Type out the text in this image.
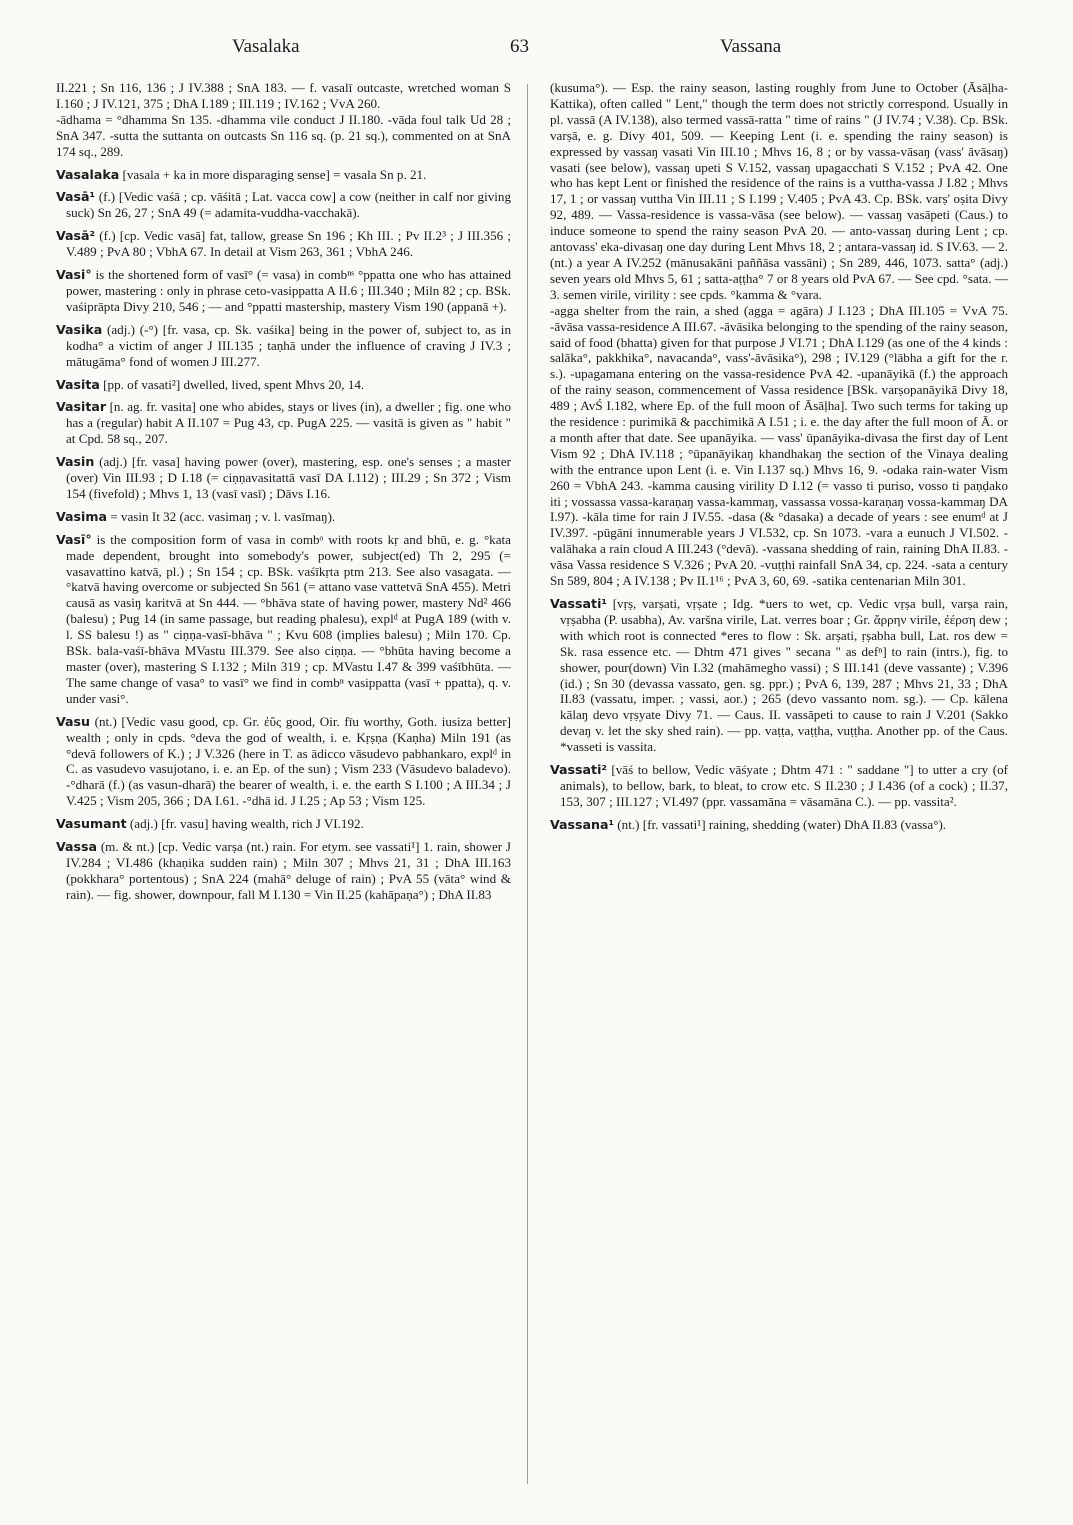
Vasalaka	63	Vassana

II.221 ; Sn 116, 136 ; J IV.388 ; SnA 183. — f. vasalī outcaste, wretched woman S I.160 ; J IV.121, 375 ; DhA I.189 ; III.119 ; IV.162 ; VvA 260.
-ādhama = °dhamma Sn 135. -dhamma vile conduct J II.180. -vāda foul talk Ud 28 ; SnA 347. -sutta the suttanta on outcasts Sn 116 sq. (p. 21 sq.), commented on at SnA 174 sq., 289.

Vasalaka [vasala + ka in more disparaging sense] = vasala Sn p. 21.

Vasā¹ (f.) [Vedic vaśā ; cp. vāśitā ; Lat. vacca cow] a cow (neither in calf nor giving suck) Sn 26, 27 ; SnA 49 (= adamita-vuddha-vacchakā).

Vasā² (f.) [cp. Vedic vasā] fat, tallow, grease Sn 196 ; Kh III. ; Pv II.2³ ; J III.356 ; V.489 ; PvA 80 ; VbhA 67. In detail at Vism 263, 361 ; VbhA 246.

Vasi° is the shortened form of vasī° (= vasa) in combⁿˢ °ppatta one who has attained power, mastering : only in phrase ceto-vasippatta A II.6 ; III.340 ; Miln 82 ; cp. BSk. vaśiprāpta Divy 210, 546 ; — and °ppatti mastership, mastery Vism 190 (appanā +).

Vasika (adj.) (-°) [fr. vasa, cp. Sk. vaśika] being in the power of, subject to, as in kodha° a victim of anger J III.135 ; taṇhā under the influence of craving J IV.3 ; mātugāma° fond of women J III.277.

Vasita [pp. of vasati²] dwelled, lived, spent Mhvs 20, 14.

Vasitar [n. ag. fr. vasita] one who abides, stays or lives (in), a dweller ; fig. one who has a (regular) habit A II.107 = Pug 43, cp. PugA 225. — vasitā is given as " habit " at Cpd. 58 sq., 207.

Vasin (adj.) [fr. vasa] having power (over), mastering, esp. one's senses ; a master (over) Vin III.93 ; D I.18 (= ciṇṇavasitattā vasī DA I.112) ; III.29 ; Sn 372 ; Vism 154 (fivefold) ; Mhvs 1, 13 (vasī vasī) ; Dāvs I.16.

Vasima = vasin It 32 (acc. vasimaŋ ; v. l. vasīmaŋ).

Vasī° is the composition form of vasa in combᵒ with roots kṛ and bhū, e. g. °kata made dependent, brought into somebody's power, subject(ed) Th 2, 295 (= vasavattino katvā, pl.) ; Sn 154 ; cp. BSk. vaśīkṛta ptm 213. See also vasagata. — °katvā having overcome or subjected Sn 561 (= attano vase vattetvā SnA 455). Metri causā as vasiŋ karitvā at Sn 444. — °bhāva state of having power, mastery Nd² 466 (balesu) ; Pug 14 (in same passage, but reading phalesu), explᵈ at PugA 189 (with v. l. SS balesu !) as " ciṇṇa-vasī-bhāva " ; Kvu 608 (implies balesu) ; Miln 170. Cp. BSk. bala-vaśī-bhāva MVastu III.379. See also ciṇṇa. — °bhūta having become a master (over), mastering S I.132 ; Miln 319 ; cp. MVastu I.47 & 399 vaśībhūta. — The same change of vasa° to vasī° we find in combⁿ vasippatta (vasī + ppatta), q. v. under vasi°.

Vasu (nt.) [Vedic vasu good, cp. Gr. ἐΰς good, Oir. fīu worthy, Goth. iusiza better] wealth ; only in cpds. °deva the god of wealth, i. e. Kṛṣṇa (Kaṇha) Miln 191 (as °devā followers of K.) ; J V.326 (here in T. as ādicco vāsudevo pabhankaro, explᵈ in C. as vasudevo vasujotano, i. e. an Ep. of the sun) ; Vism 233 (Vāsudevo baladevo). -°dharā (f.) (as vasun-dharā) the bearer of wealth, i. e. the earth S I.100 ; A III.34 ; J V.425 ; Vism 205, 366 ; DA I.61. -°dhā id. J I.25 ; Ap 53 ; Vism 125.

Vasumant (adj.) [fr. vasu] having wealth, rich J VI.192.

Vassa (m. & nt.) [cp. Vedic varṣa (nt.) rain. For etym. see vassati¹] 1. rain, shower J IV.284 ; VI.486 (khaṇika sudden rain) ; Miln 307 ; Mhvs 21, 31 ; DhA III.163 (pokkhara° portentous) ; SnA 224 (mahā° deluge of rain) ; PvA 55 (vāta° wind & rain). — fig. shower, downpour, fall M I.130 = Vin II.25 (kahāpaṇa°) ; DhA II.83

(kusuma°). — Esp. the rainy season, lasting roughly from June to October (Āsāḷha-Kattika), often called " Lent," though the term does not strictly correspond. Usually in pl. vassā (A IV.138), also termed vassā-ratta " time of rains " (J IV.74 ; V.38). Cp. BSk. varṣā, e. g. Divy 401, 509. — Keeping Lent (i. e. spending the rainy season) is expressed by vassaŋ vasati Vin III.10 ; Mhvs 16, 8 ; or by vassa-vāsaŋ (vass' āvāsaŋ) vasati (see below), vassaŋ upeti S V.152, vassaŋ upagacchati S V.152 ; PvA 42. One who has kept Lent or finished the residence of the rains is a vuttha-vassa J I.82 ; Mhvs 17, 1 ; or vassaŋ vuttha Vin III.11 ; S I.199 ; V.405 ; PvA 43. Cp. BSk. varṣ' oṣita Divy 92, 489. — Vassa-residence is vassa-vāsa (see below). — vassaŋ vasāpeti (Caus.) to induce someone to spend the rainy season PvA 20. — anto-vassaŋ during Lent ; cp. antovass' eka-divasaŋ one day during Lent Mhvs 18, 2 ; antara-vassaŋ id. S IV.63. — 2. (nt.) a year A IV.252 (mānusakāni paññāsa vassāni) ; Sn 289, 446, 1073. satta° (adj.) seven years old Mhvs 5, 61 ; satta-aṭṭha° 7 or 8 years old PvA 67. — See cpd. °sata. — 3. semen virile, virility : see cpds. °kamma & °vara.
-agga shelter from the rain, a shed (agga = agāra) J I.123 ; DhA III.105 = VvA 75. -āvāsa vassa-residence A III.67. -āvāsika belonging to the spending of the rainy season, said of food (bhatta) given for that purpose J VI.71 ; DhA I.129 (as one of the 4 kinds : salāka°, pakkhika°, navacanda°, vass'-āvāsika°), 298 ; IV.129 (°lābha a gift for the r. s.). -upagamana entering on the vassa-residence PvA 42. -upanāyikā (f.) the approach of the rainy season, commencement of Vassa residence [BSk. varṣopanāyikā Divy 18, 489 ; AvŚ I.182, where Ep. of the full moon of Āsāḷha]. Two such terms for taking up the residence : purimikā & pacchimikā A I.51 ; i. e. the day after the full moon of Ā. or a month after that date. See upanāyika. — vass' ūpanāyika-divasa the first day of Lent Vism 92 ; DhA IV.118 ; °ūpanāyikaŋ khandhakaŋ the section of the Vinaya dealing with the entrance upon Lent (i. e. Vin I.137 sq.) Mhvs 16, 9. -odaka rain-water Vism 260 = VbhA 243. -kamma causing virility D I.12 (= vasso ti puriso, vosso ti paṇḍako iti ; vossassa vassa-karaṇaŋ vassa-kammaŋ, vassassa vossa-karaṇaŋ vossa-kammaŋ DA I.97). -kāla time for rain J IV.55. -dasa (& °dasaka) a decade of years : see enumᵈ at J IV.397. -pūgāni innumerable years J VI.532, cp. Sn 1073. -vara a eunuch J VI.502. -valāhaka a rain cloud A III.243 (°devā). -vassana shedding of rain, raining DhA II.83. -vāsa Vassa residence S V.326 ; PvA 20. -vuṭṭhi rainfall SnA 34, cp. 224. -sata a century Sn 589, 804 ; A IV.138 ; Pv II.1¹⁶ ; PvA 3, 60, 69. -satika centenarian Miln 301.

Vassati¹ [vṛṣ, varṣati, vṛṣate ; Idg. *uers to wet, cp. Vedic vṛṣa bull, varṣa rain, vṛṣabha (P. usabha), Av. varšna virile, Lat. verres boar ; Gr. ἄρρην virile, ἐέρση dew ; with which root is connected *eres to flow : Sk. arṣati, ṛṣabha bull, Lat. ros dew = Sk. rasa essence etc. — Dhtm 471 gives " secana " as defⁿ] to rain (intrs.), fig. to shower, pour(down) Vin I.32 (mahāmegho vassi) ; S III.141 (deve vassante) ; V.396 (id.) ; Sn 30 (devassa vassato, gen. sg. ppr.) ; PvA 6, 139, 287 ; Mhvs 21, 33 ; DhA II.83 (vassatu, imper. ; vassi, aor.) ; 265 (devo vassanto nom. sg.). — Cp. kālena kālaŋ devo vṛṣyate Divy 71. — Caus. II. vassāpeti to cause to rain J V.201 (Sakko devaŋ v. let the sky shed rain). — pp. vaṭṭa, vaṭṭha, vuṭṭha. Another pp. of the Caus. *vasseti is vassita.

Vassati² [vāś to bellow, Vedic vāśyate ; Dhtm 471 : " saddane "] to utter a cry (of animals), to bellow, bark, to bleat, to crow etc. S II.230 ; J I.436 (of a cock) ; II.37, 153, 307 ; III.127 ; VI.497 (ppr. vassamāna = vāsamāna C.). — pp. vassita².

Vassana¹ (nt.) [fr. vassati¹] raining, shedding (water) DhA II.83 (vassa°).
